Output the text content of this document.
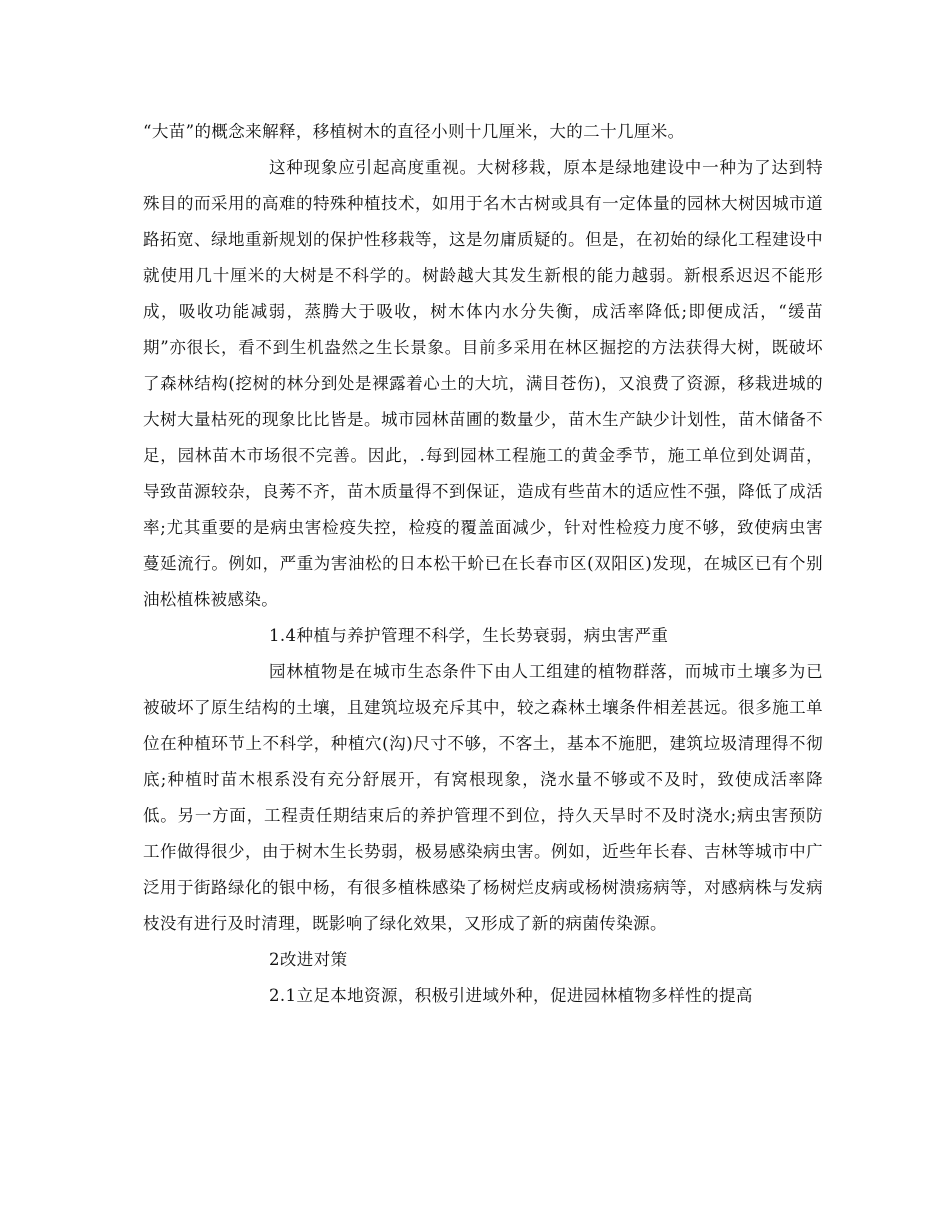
“大苗”的概念来解释，移植树木的直径小则十几厘米，大的二十几厘米。

这种现象应引起高度重视。大树移栽，原本是绿地建设中一种为了达到特殊目的而采用的高难的特殊种植技术，如用于名木古树或具有一定体量的园林大树因城市道路拓宽、绿地重新规划的保护性移栽等，这是勿庸质疑的。但是，在初始的绿化工程建设中就使用几十厘米的大树是不科学的。树龄越大其发生新根的能力越弱。新根系迟迟不能形成，吸收功能减弱，蒸腾大于吸收，树木体内水分失衡，成活率降低;即便成活，“缓苗期”亦很长，看不到生机盎然之生长景象。目前多采用在林区掘挖的方法获得大树，既破坏了森林结构(挖树的林分到处是裸露着心土的大坑，满目苍伤)，又浪费了资源，移栽进城的大树大量枯死的现象比比皆是。城市园林苗圃的数量少，苗木生产缺少计划性，苗木储备不足，园林苗木市场很不完善。因此，.每到园林工程施工的黄金季节，施工单位到处调苗，导致苗源较杂，良莠不齐，苗木质量得不到保证，造成有些苗木的适应性不强，降低了成活率;尤其重要的是病虫害检疫失控，检疫的覆盖面减少，针对性检疫力度不够，致使病虫害蔓延流行。例如，严重为害油松的日本松干蚧已在长春市区(双阳区)发现，在城区已有个别油松植株被感染。

1.4种植与养护管理不科学，生长势衰弱，病虫害严重

园林植物是在城市生态条件下由人工组建的植物群落，而城市土壤多为已被破坏了原生结构的土壤，且建筑垃圾充斥其中，较之森林土壤条件相差甚远。很多施工单位在种植环节上不科学，种植穴(沟)尺寸不够，不客土，基本不施肥，建筑垃圾清理得不彻底;种植时苗木根系没有充分舒展开，有窝根现象，浇水量不够或不及时，致使成活率降低。另一方面，工程责任期结束后的养护管理不到位，持久天旱时不及时浇水;病虫害预防工作做得很少，由于树木生长势弱，极易感染病虫害。例如，近些年长春、吉林等城市中广泛用于街路绿化的银中杨，有很多植株感染了杨树烂皮病或杨树溃疡病等，对感病株与发病枝没有进行及时清理，既影响了绿化效果，又形成了新的病菌传染源。

2改进对策

2.1立足本地资源，积极引进域外种，促进园林植物多样性的提高
